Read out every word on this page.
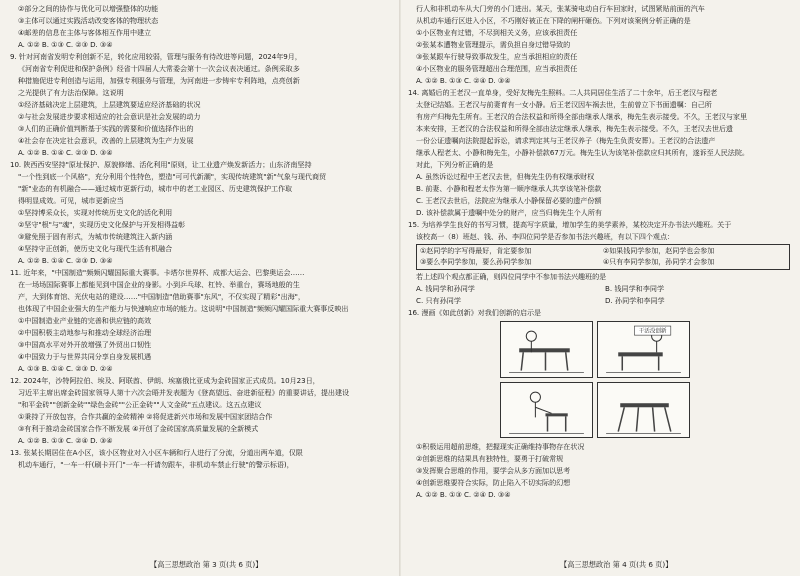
②部分之间的协作与优化可以增强整体的功能
③主体可以通过实践活动改变客体的物理状态
④邮差的信息在主体与客体相互作用中建立
A. ①② B. ①③ C. ②③ D. ③④
9. 针对河南省发明专利创新不足，转化应用较弱，管理与服务有待改进等问题，2024年9月，
《河南省专利促进和保护条例》经省十四届人大常委会第十一次会议表决通过。条例采取多
种措施促进专利创造与运用，加强专利服务与管理，为河南进一步铸牢专利阵地，点亮创新
之光提供了有力法治保障。这说明
①经济基础决定上层建筑，上层建筑要适应经济基础的状况
②与社会发展进步要求相适应的社会意识是社会发展的动力
③人们的正确价值判断基于实践的需要和价值选择作出的
④社会存在决定社会意识，改善的上层建筑为生产力发展
A. ①② B. ①④ C. ②③ D. ③④
10. 陕西西安坚持"原址保护、原貌修缮、活化利用"原则，让工业遗产焕发新活力；山东济南坚持
"一个性到底一个风格"，充分利用个性特色，塑造"可可代新潮"，实现传统建筑"新"气象与现代商贸
"新"业态的有机融合——通过城市更新行动，城市中的老工业园区、历史建筑保护工作取
得明显成效。可见，城市更新应当
①坚持博采众长，实现对传统历史文化的活化利用
②坚守"根"与"魂"，实现历史文化保护与开发相得益彰
③避免照于固有形式，为城市传统建筑注入新内涵
④坚持守正创新，使历史文化与现代生活有机融合
A. ①② B. ①④ C. ②③ D. ③④
11. 近年来，"中国制造"频频闪耀国际重大赛事。卡塔尔世界杯、成都大运会、巴黎奥运会……
在一场场国际赛事上都能见到中国企业的身影。小到乒乓球、杠铃、举重台，赛场地般的生
产，大到体育馆、光伏电站的建设……"中国制造"借助赛事"东风"，不仅实现了精彩"出海"，
也体现了中国企业强大的生产能力与快速响应市场的能力。这说明"中国制造"频频闪耀国际重大赛事反映出
①中国制造业产业链的完善和供应链的高效
②中国积极主动地参与和推动全球经济治理
③中国高水平对外开放增强了外贸出口韧性
④中国致力于与世界共同分享自身发展机遇
A. ①③ B. ①④ C. ②③ D. ②④
12. 2024年，沙特阿拉伯、埃及、阿联酋、伊朗、埃塞俄比亚成为金砖国家正式成员。10月23日，
习近平主席出席金砖国家领导人第十六次会晤并发表题为《登高望远、奋进新征程》的重要讲话，提出建设
"和平金砖""创新金砖""绿色金砖""公正金砖""人文金砖"五点建议。这五点建议
①秉持了开放包容，合作共赢的金砖精神 ②将促进新兴市场和发展中国家团结合作
③有利于推动金砖国家合作不断发展 ④开创了金砖国家高质量发展的全新模式
A. ①② B. ①③ C. ②④ D. ③④
13. 张某长期居住在A小区，该小区物业对入小区车辆和行人进行了分流，分道出两车道，仅限
机动车通行，"一车一杆(刷卡开门"一车一杆请勿跟车，非机动车禁止行驶"的警示标语)，
行人和非机动车从大门旁的小门进出。某天，张某骑电动自行车回家时，试图紧贴前面的汽车
从机动车通行区进入小区，不巧刚好被正在下降的闸杆砸伤。下列对该案例分析正确的是
①小区物业有过错，不尽到相关义务，应该承担责任
②张某本遭物业管理提示，需负担自身过错导致的
③张某跟车行驶导致事故发生，应当承担相应的责任
④小区物业的服务管理超出合理范围，应当承担责任
A. ①② B. ①③ C. ②④ D. ③④
14. 离婚后的王老汉一直单身，受好友梅先生照料。二人共同居住生活了二十余年，后王老汉与程老
太登记结婚。王老汉与前妻育有一女小静。后王老汉因车祸去世，生前曾立下书面遗嘱：自己所
有房产归梅先生所有。王老汉的合法权益和所得全部由继承人继承，梅先生表示接受。不久，王老汉与家里
本来安排，王老汉的合法权益和所得全部由法定继承人继承，梅先生表示接受。不久，王老汉去世后遗
一份公证遗嘱向法院提起诉讼，请求判定其与王老汉养子（梅先生负责安葬）。王老汉的合法遗产
继承人程老太、小静和梅先生，小静补偿款67万元。梅先生认为该笔补偿款应归其所有，遂诉至人民法院。
对此，下列分析正确的是
A. 虽然诉讼过程中王老汉去世，但梅先生仍有权继承财权
B. 前妻、小静和程老太作为第一顺序继承人共享该笔补偿款
C. 王老汉去世后，法院应为继承人小静保留必要的遗产份额
D. 该补偿款属于遗嘱中处分的财产，应当归梅先生个人所有
15. 为培养学生良好的书写习惯，提高写字质量，增加学生的美学素养，某校决定开办书法兴趣班。关于
该校高一（8）班赵、钱、孙、李四位同学是否参加书法兴趣班，有以下四个观点：
①赵同学的字写得最好，肯定要参加	②如果钱同学参加，赵同学也会参加
③要么李同学参加，要么孙同学参加	④只有李同学参加，孙同学才会参加
若上述四个观点都正确，则四位同学中不参加书法兴趣班的是
A. 钱同学和孙同学	B. 钱同学和李同学
C. 只有孙同学	D. 孙同学和李同学
16. 漫画《如此创新》对我们创新的启示是
干活没创新
①积极运用超前思维，把握现实正确维持事物存在状况
②创新思维的结果具有独特性，要勇于打破常规
③发挥聚合思维的作用，要学会从多方面加以思考
④创新思维要符合实际，防止陷入不切实际的幻想
A. ①② B. ①③ C. ②④ D. ③④
【高三思想政治 第 3 页(共 6 页)】	【高三思想政治 第 4 页(共 6 页)】
